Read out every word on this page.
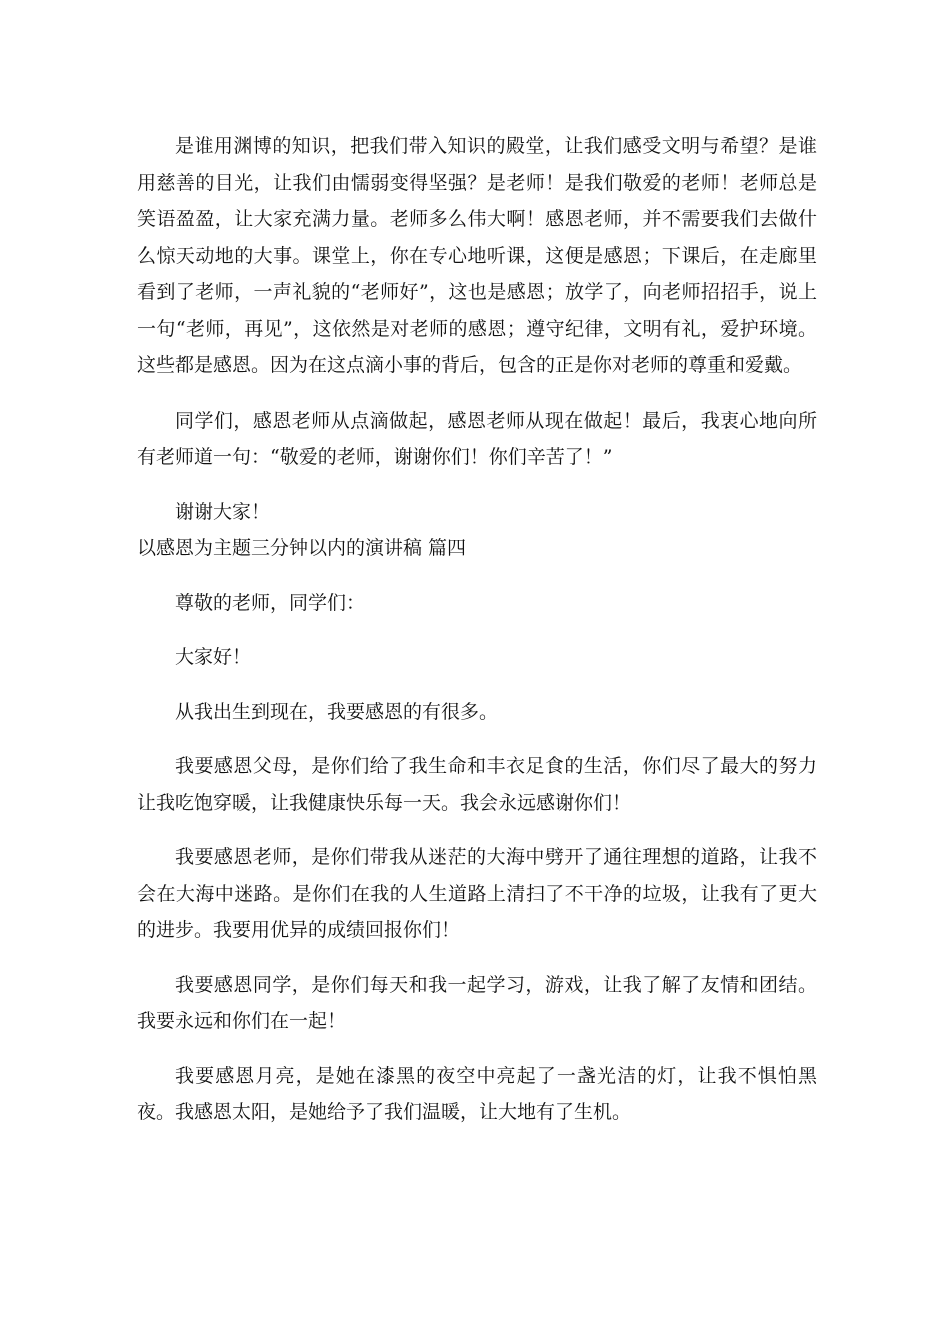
是谁用渊博的知识，把我们带入知识的殿堂，让我们感受文明与希望？是谁用慈善的目光，让我们由懦弱变得坚强？是老师！是我们敬爱的老师！老师总是笑语盈盈，让大家充满力量。老师多么伟大啊！感恩老师，并不需要我们去做什么惊天动地的大事。课堂上，你在专心地听课，这便是感恩；下课后，在走廊里看到了老师，一声礼貌的“老师好”，这也是感恩；放学了，向老师招招手，说上一句“老师，再见”，这依然是对老师的感恩；遵守纪律，文明有礼，爱护环境。这些都是感恩。因为在这点滴小事的背后，包含的正是你对老师的尊重和爱戴。

同学们，感恩老师从点滴做起，感恩老师从现在做起！最后，我衷心地向所有老师道一句：“敬爱的老师，谢谢你们！你们辛苦了！”

谢谢大家！

以感恩为主题三分钟以内的演讲稿 篇四

尊敬的老师，同学们：

大家好！

从我出生到现在，我要感恩的有很多。

我要感恩父母，是你们给了我生命和丰衣足食的生活，你们尽了最大的努力让我吃饱穿暖，让我健康快乐每一天。我会永远感谢你们！

我要感恩老师，是你们带我从迷茫的大海中劈开了通往理想的道路，让我不会在大海中迷路。是你们在我的人生道路上清扫了不干净的垃圾，让我有了更大的进步。我要用优异的成绩回报你们！

我要感恩同学，是你们每天和我一起学习，游戏，让我了解了友情和团结。我要永远和你们在一起！

我要感恩月亮，是她在漆黑的夜空中亮起了一盏光洁的灯，让我不惧怕黑夜。我感恩太阳，是她给予了我们温暖，让大地有了生机。
